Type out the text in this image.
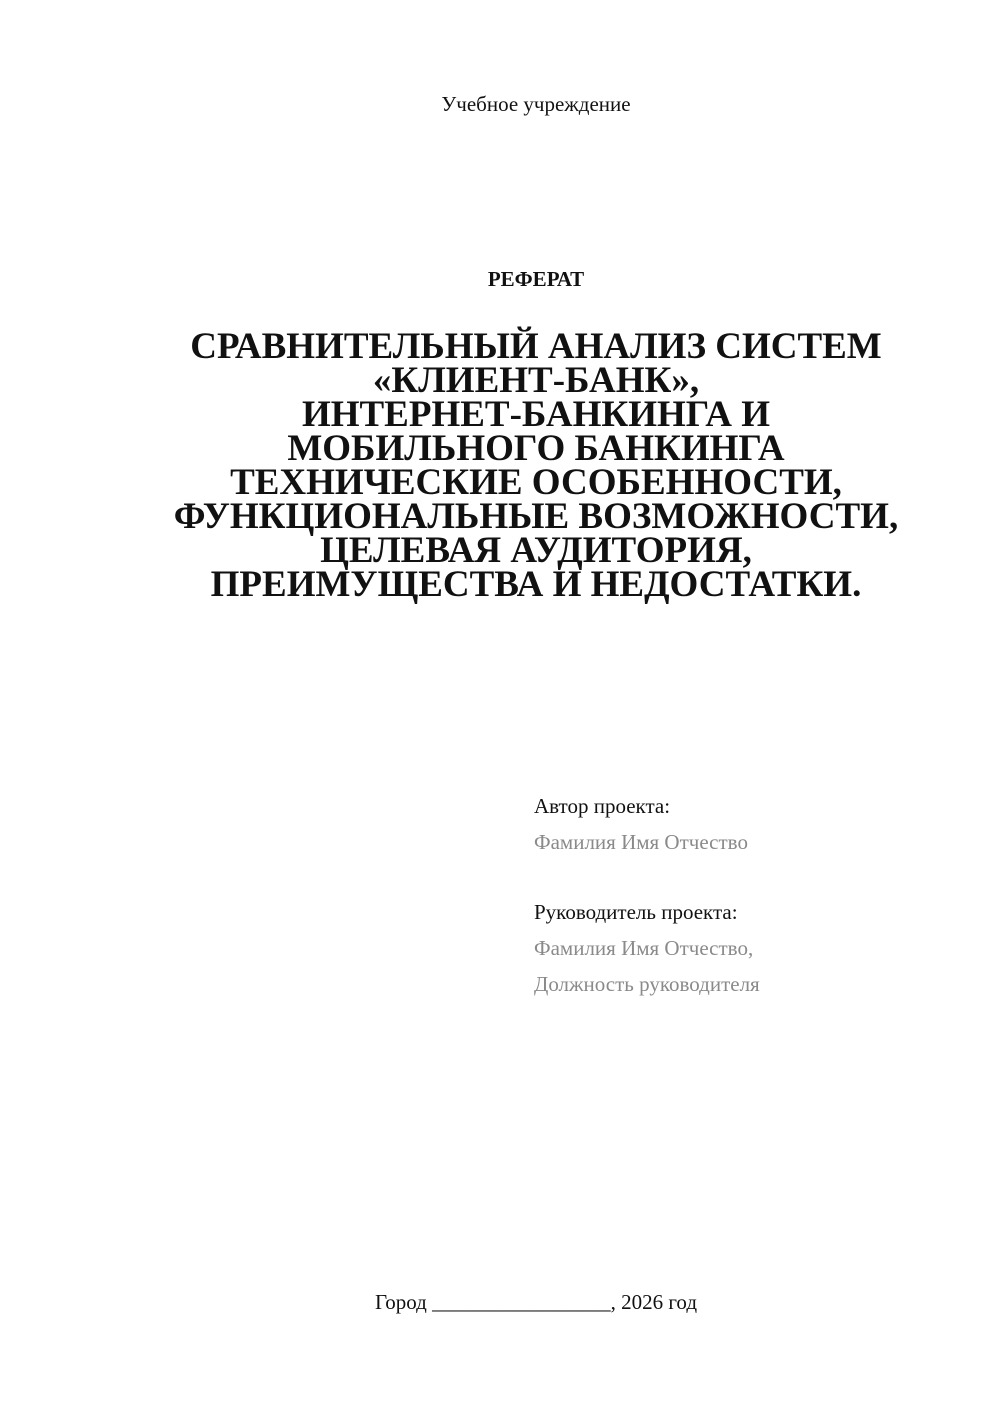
Учебное учреждение
РЕФЕРАТ
СРАВНИТЕЛЬНЫЙ АНАЛИЗ СИСТЕМ
«КЛИЕНТ-БАНК»,
ИНТЕРНЕТ-БАНКИНГА И
МОБИЛЬНОГО БАНКИНГА
ТЕХНИЧЕСКИЕ ОСОБЕННОСТИ,
ФУНКЦИОНАЛЬНЫЕ ВОЗМОЖНОСТИ,
ЦЕЛЕВАЯ АУДИТОРИЯ,
ПРЕИМУЩЕСТВА И НЕДОСТАТКИ.
Автор проекта:
Фамилия Имя Отчество
Руководитель проекта:
Фамилия Имя Отчество,
Должность руководителя
Город _________________, 2026 год
